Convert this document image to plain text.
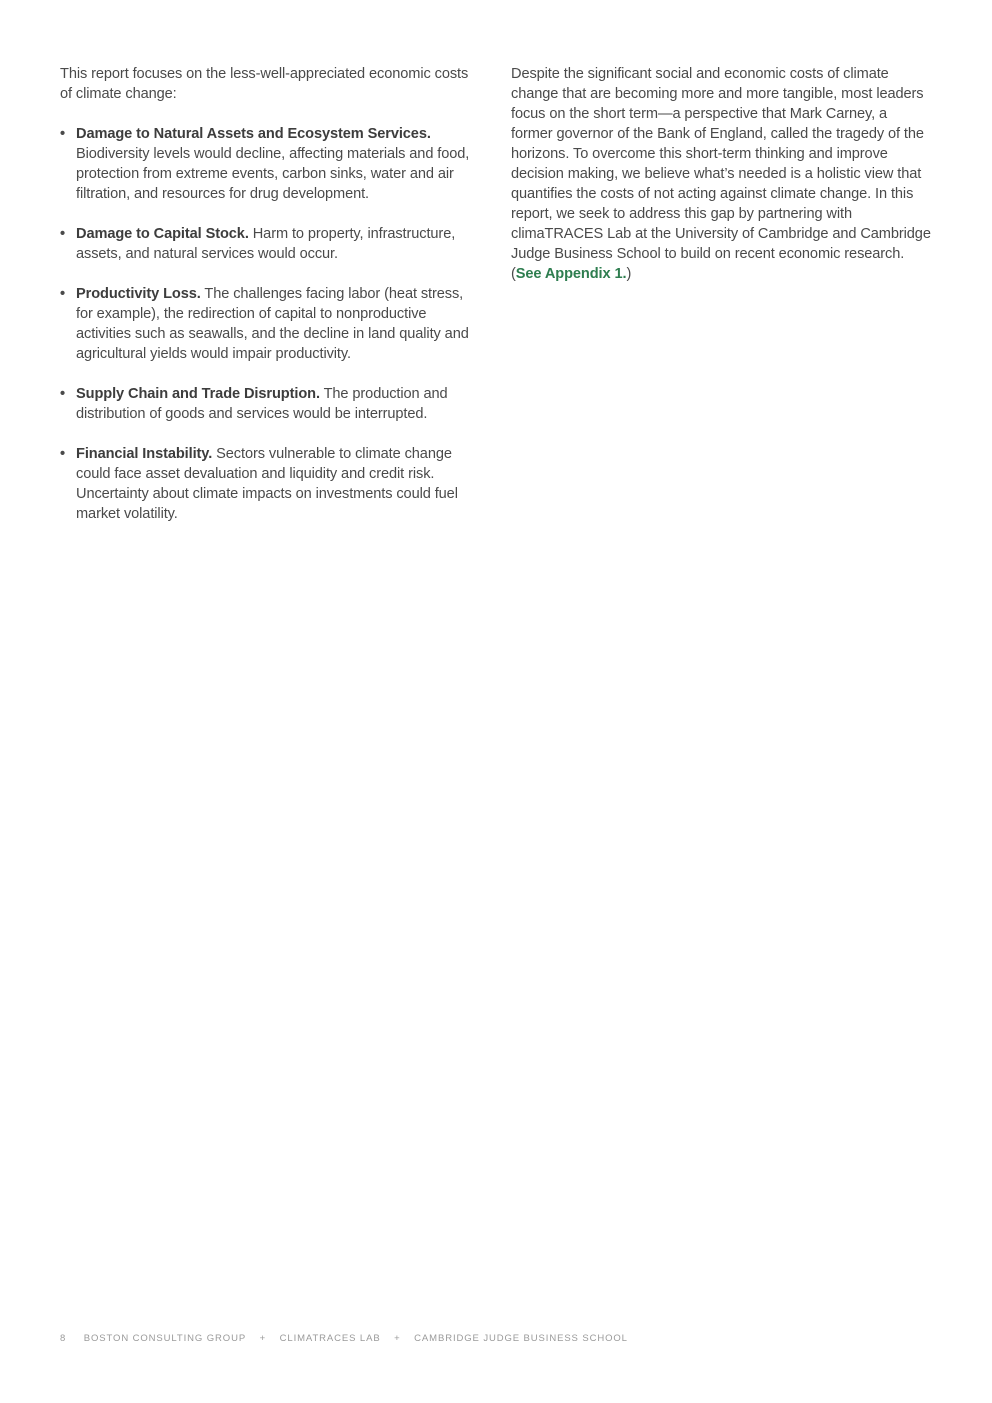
This report focuses on the less-well-appreciated economic costs of climate change:

• Damage to Natural Assets and Ecosystem Services. Biodiversity levels would decline, affecting materials and food, protection from extreme events, carbon sinks, water and air filtration, and resources for drug development.
• Damage to Capital Stock. Harm to property, infrastructure, assets, and natural services would occur.
• Productivity Loss. The challenges facing labor (heat stress, for example), the redirection of capital to nonproductive activities such as seawalls, and the decline in land quality and agricultural yields would impair productivity.
• Supply Chain and Trade Disruption. The production and distribution of goods and services would be interrupted.
• Financial Instability. Sectors vulnerable to climate change could face asset devaluation and liquidity and credit risk. Uncertainty about climate impacts on investments could fuel market volatility.

Despite the significant social and economic costs of climate change that are becoming more and more tangible, most leaders focus on the short term—a perspective that Mark Carney, a former governor of the Bank of England, called the tragedy of the horizons. To overcome this short-term thinking and improve decision making, we believe what’s needed is a holistic view that quantifies the costs of not acting against climate change. In this report, we seek to address this gap by partnering with climaTRACES Lab at the University of Cambridge and Cambridge Judge Business School to build on recent economic research. (See Appendix 1.)

8 BOSTON CONSULTING GROUP + CLIMATRACES LAB + CAMBRIDGE JUDGE BUSINESS SCHOOL
